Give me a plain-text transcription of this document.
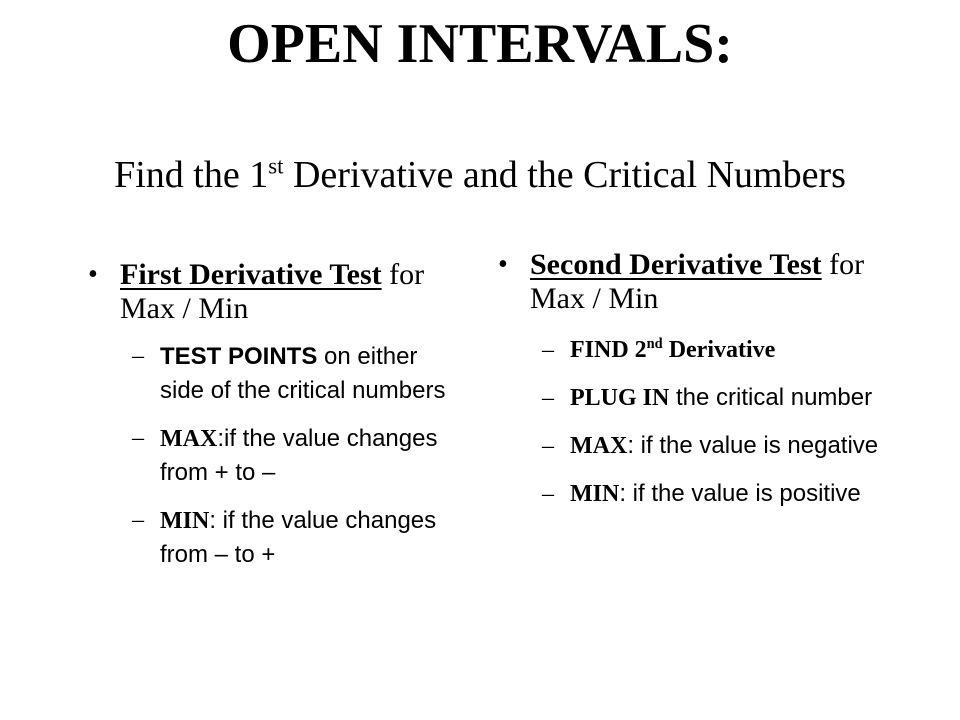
OPEN INTERVALS:
Find the 1st Derivative and the Critical Numbers
• First Derivative Test for Max / Min
– TEST POINTS on either side of the critical numbers
– MAX:if the value changes from + to –
– MIN: if the value changes from – to +
• Second Derivative Test for Max / Min
– FIND 2nd Derivative
– PLUG IN the critical number
– MAX: if the value is negative
– MIN: if the value is positive
